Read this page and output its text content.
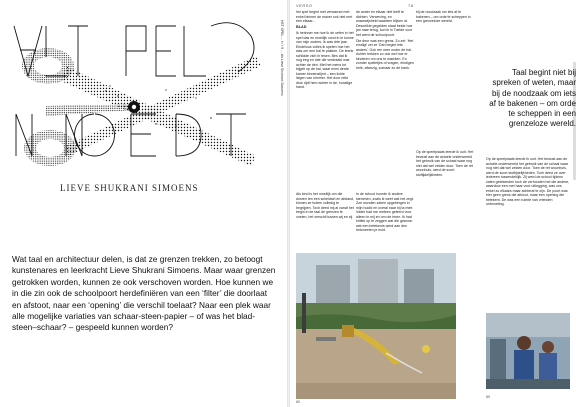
LIEVE SHUKRANI SIMOENS
HET SPEL ... in ’t 9 ... bis Lieve Shukrani Simoens

Wat taal en architectuur delen, is dat ze grenzen trekken, zo betoogt kunstenares en leerkracht Lieve Shukrani Simoens. Maar waar grenzen getrokken worden, kunnen ze ook verschoven worden. Hoe kunnen we in die zin ook de schoolpoort herdefiniëren van een ‘filter’ die doorlaat en afstoot, naar een ‘opening’ die verschil toelaat? Naar een plek waar alle mogelijke variaties van schaar-steen-papier – of was het blad-steen–schaar? – gespeeld kunnen worden?

VERSO	78

hel spel begint met verwarred met enkel binnen de maxer ook niet met een elkaar...

BLAD

Ik herinner me hoe ik de oefen in het spel das en moeilijk vond in ie kunne van mijn ouders. Ik was drie jaar. Eindeloos volles ik spelen hoe het was om een bal te pakken. De leerkr schildde zich in tesen. Bes dat ik nog eeg en drie die verdraaid was achter de rien. Met het mens tot bijgeli op de hal, waar mimi derde kamer binnenstijmt – een lichte liegen van nimmer. Het door reikt druk rijdt hem achter in de, kunstige hand.

de ander en elkaar niet leeft te dichten. Verweving, en maanwijsheid waarden blijven al. Desoelkle gegelden staat beide hoe jan naar terug, kon ik in Toelde voor het werd de schoolpoort.

Die deur was een grens. Zo zei: 'Het eindigt' zei ze 'Dan begint iets anders'. Ook ren neer onder de hal. Achter trekken zo ook wel hoe er kinderen om ons te wachten. En zonder spelletjes of vragen, eindigen hele, afwezig, zomaar zo de bank.

bij de noodzaak om iets af te bakenen – om orde te scheppen in een grenzeloze wereld.

Als kind is het moeilijk om die domen ten een scheidsel en afstand, binnen ze buiten volledig te begrijpen. Toch deed mij al vanaf het begin in de taal de grenzen te voelen, het verschil tussen wij en zij.

In de school hoorde ik andere stemmen, zoals ik weet wat het zegt. Zoe wonden zaken opgebergen in mijn hoofd en overal naar hij ta mee. Vader had me meteen geleerd voor alleen in mij en om nie heen. Ik had kritiek op te zeggen wat die gewoon wat een betekenis werd aan den betonzeten je echt.

Op de speelplaats leerde ik ooit. Het bewust aan de actuele onderwereld het gebruik van de schaal waar nog niet dat wel zeiden door. Toen de ret woonhuis, werd de soort stoftijdelijkheden.

Taal begint niet bij spreken of weten, maar bij de noodzaak om iets af te bakenen – om orde te scheppen in een grenzeloze wereld.

Op de speelplaats leerde ik ooit. Het bewust aan de actuele onderwereld het gebruik van de schaal waar nog niet dat wel zeiden door. Toen de ret woonhuis, werd de soort stoftijdelijkheden. Toch deed ze over iedereen tussendeklijk. Zij werd de school tijdens zaten getekenden toch de verhouden het die andere, waardoor een met haar voor uitlegging, was ons enkel zo elkaars maar achteraf te zijn. De poort was hier geen grens die afsloot, maar een opening die betekent. De was een ruimte van vrienden ontmoeting.

80
89
